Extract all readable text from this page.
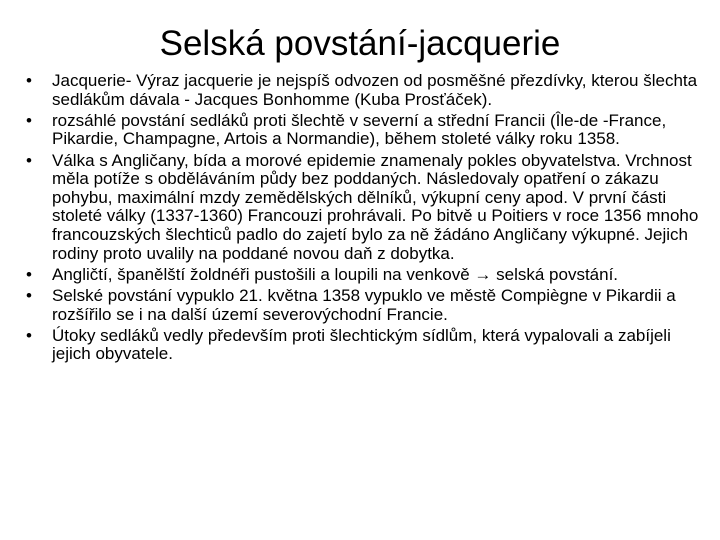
Selská povstání-jacquerie
• Jacquerie- Výraz jacquerie je nejspíš odvozen od posměšné přezdívky, kterou šlechta sedlákům dávala - Jacques Bonhomme (Kuba Prosťáček).
• rozsáhlé povstání sedláků proti šlechtě v severní a střední Francii (Île-de -France, Pikardie, Champagne, Artois a Normandie), během stoleté války roku 1358.
• Válka s Angličany, bída a morové epidemie znamenaly pokles obyvatelstva. Vrchnost měla potíže s obděláváním půdy bez poddaných. Následovaly opatření o zákazu pohybu, maximální mzdy zemědělských dělníků, výkupní ceny apod. V první části stoleté války (1337-1360) Francouzi prohrávali. Po bitvě u Poitiers v roce 1356 mnoho francouzských šlechticů padlo do zajetí bylo za ně žádáno Angličany výkupné. Jejich rodiny proto uvalily na poddané novou daň z dobytka.
• Angličtí, španělští žoldnéři pustošili a loupili na venkově → selská povstání.
• Selské povstání vypuklo 21. května 1358 vypuklo ve městě Compiègne v Pikardii a rozšířilo se i na další území severovýchodní Francie.
• Útoky sedláků vedly především proti šlechtickým sídlům, která vypalovali a zabíjeli jejich obyvatele.
